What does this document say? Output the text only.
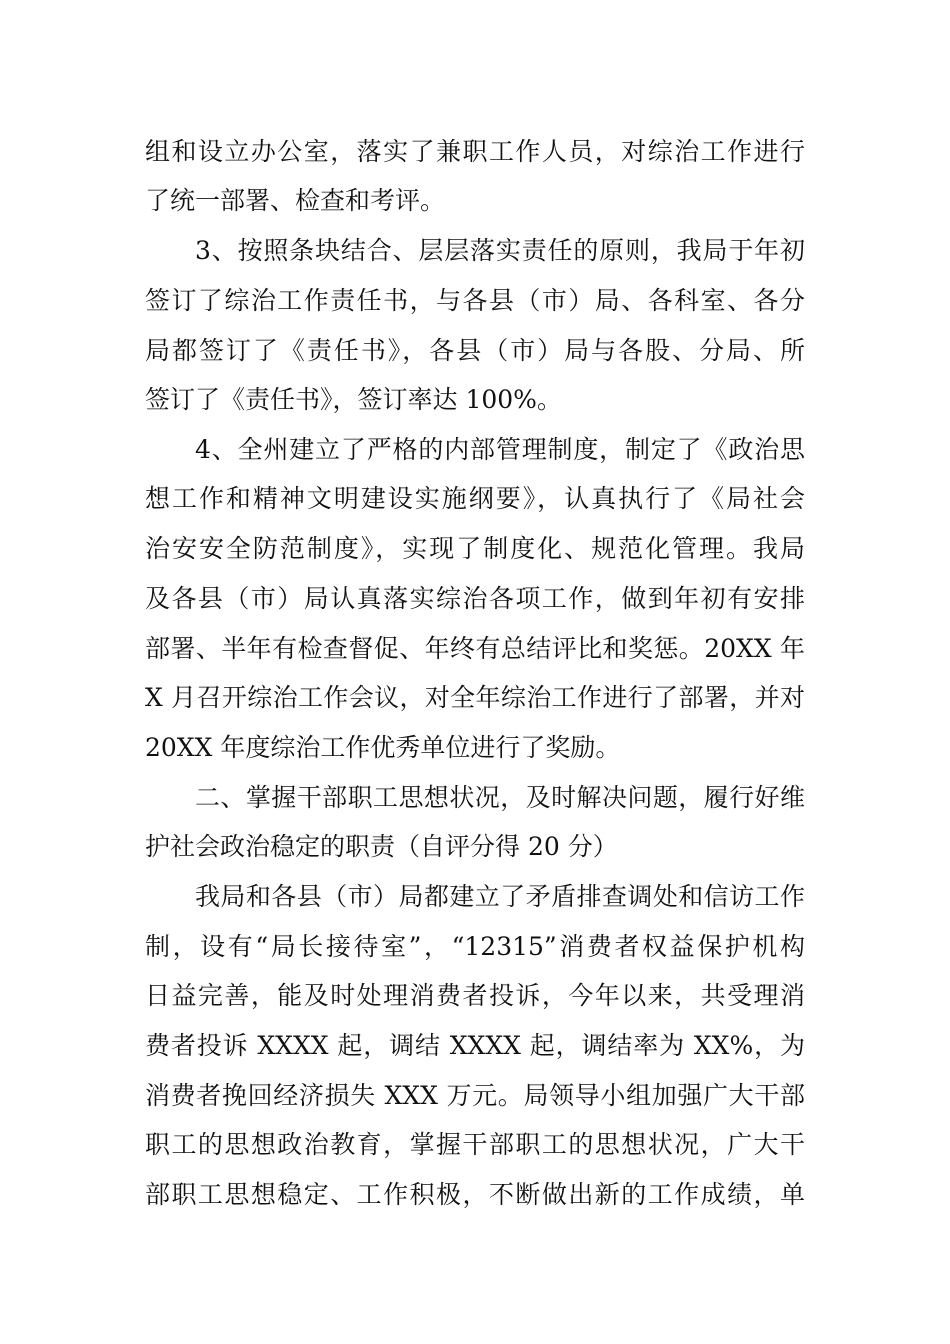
组和设立办公室，落实了兼职工作人员，对综治工作进行
了统一部署、检查和考评。
3、按照条块结合、层层落实责任的原则，我局于年初
签订了综治工作责任书，与各县（市）局、各科室、各分
局都签订了《责任书》，各县（市）局与各股、分局、所
签订了《责任书》，签订率达 100%。
4、全州建立了严格的内部管理制度，制定了《政治思
想工作和精神文明建设实施纲要》，认真执行了《局社会
治安安全防范制度》，实现了制度化、规范化管理。我局
及各县（市）局认真落实综治各项工作，做到年初有安排
部署、半年有检查督促、年终有总结评比和奖惩。20XX 年
X 月召开综治工作会议，对全年综治工作进行了部署，并对
20XX 年度综治工作优秀单位进行了奖励。
二、掌握干部职工思想状况，及时解决问题，履行好维
护社会政治稳定的职责（自评分得 20 分）
我局和各县（市）局都建立了矛盾排查调处和信访工作
制，设有“局长接待室”，“12315”消费者权益保护机构
日益完善，能及时处理消费者投诉，今年以来，共受理消
费者投诉 XXXX 起，调结 XXXX 起，调结率为 XX%，为
消费者挽回经济损失 XXX 万元。局领导小组加强广大干部
职工的思想政治教育，掌握干部职工的思想状况，广大干
部职工思想稳定、工作积极，不断做出新的工作成绩，单
